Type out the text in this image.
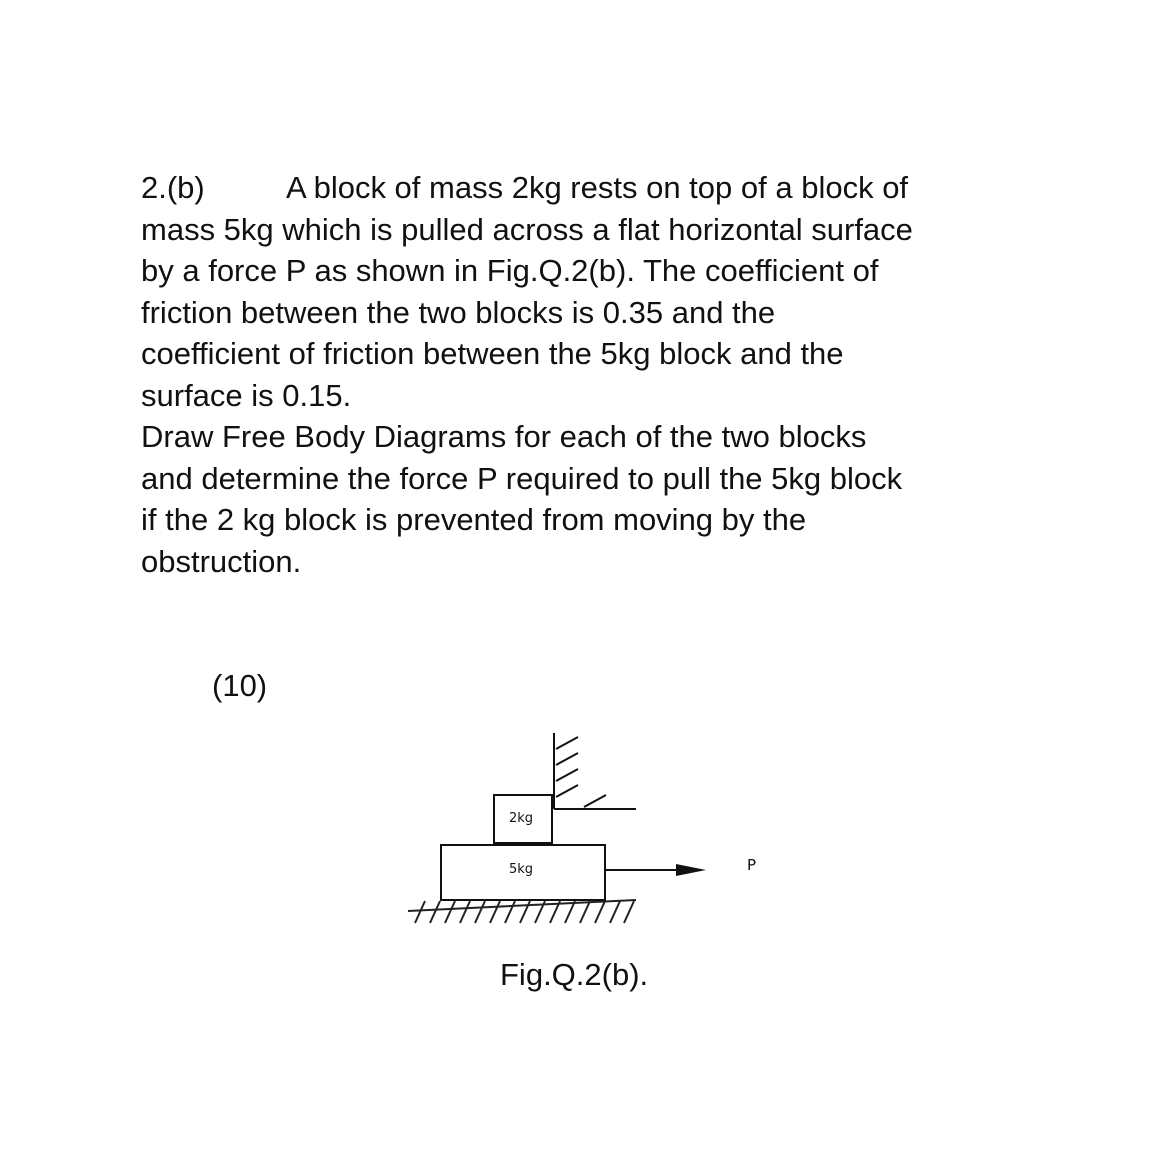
2.(b)	A block of mass 2kg rests on top of a block of
mass 5kg which is pulled across a flat horizontal surface
by a force P as shown in Fig.Q.2(b). The coefficient of
friction between the two blocks is 0.35 and the
coefficient of friction between the 5kg block and the
surface is 0.15.
Draw Free Body Diagrams for each of the two blocks
and determine the force P required to pull the 5kg block
if the 2 kg block is prevented from moving by the
obstruction.
(10)
5kg
2kg
P
Fig.Q.2(b).
